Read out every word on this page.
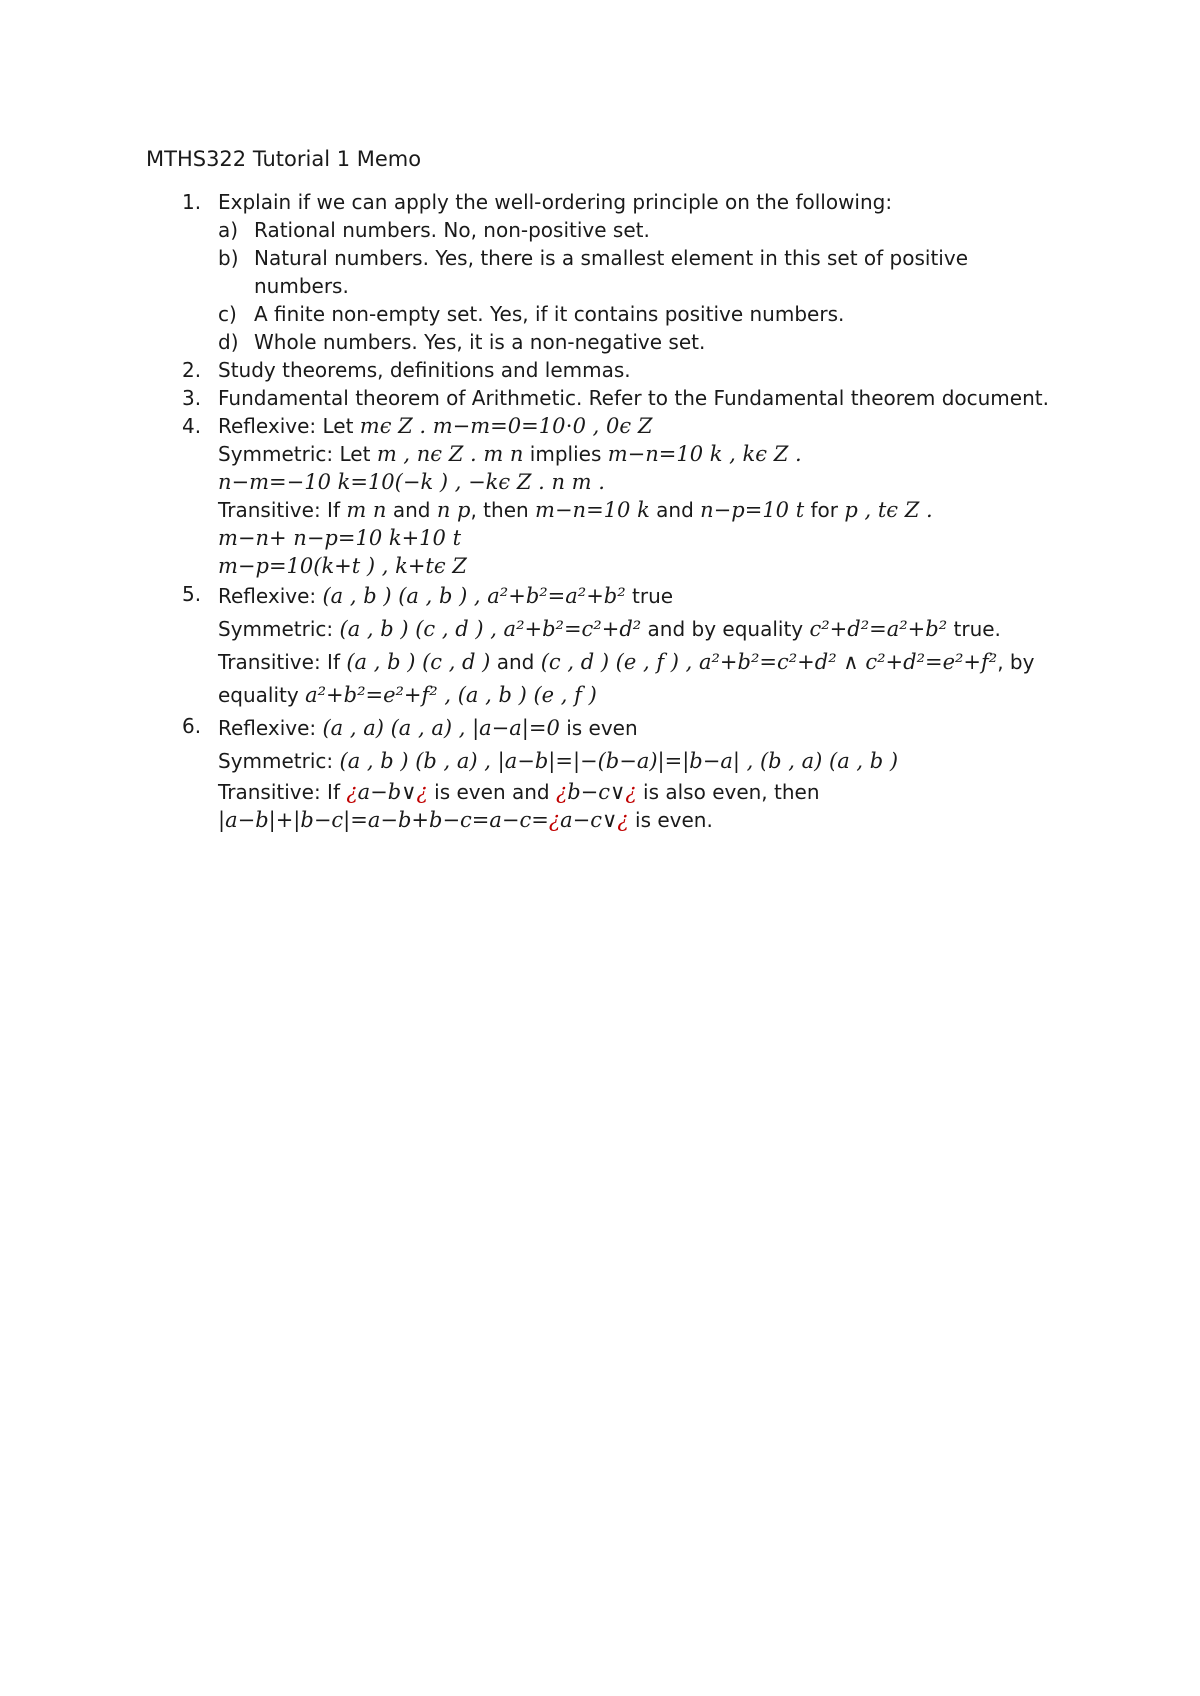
MTHS322 Tutorial 1 Memo
1. Explain if we can apply the well-ordering principle on the following:
a) Rational numbers. No, non-positive set.
b) Natural numbers. Yes, there is a smallest element in this set of positive numbers.
c) A finite non-empty set. Yes, if it contains positive numbers.
d) Whole numbers. Yes, it is a non-negative set.
2. Study theorems, definitions and lemmas.
3. Fundamental theorem of Arithmetic. Refer to the Fundamental theorem document.
4. Reflexive: Let mϵ Z . m−m=0=10⋅0 , 0ϵ Z
Symmetric: Let m , nϵ Z . m n implies m−n=10 k , kϵ Z .
n−m=−10 k=10(−k ) , −kϵ Z . n m .
Transitive: If m n and n p, then m−n=10 k and n−p=10 t for p , tϵ Z .
m−n+ n−p=10 k+10 t
m−p=10(k+t ) , k+tϵ Z
5. Reflexive: (a , b ) (a , b ) , a²+b²=a²+b² true
Symmetric: (a , b ) (c , d ) , a²+b²=c²+d² and by equality c²+d²=a²+b² true.
Transitive: If (a , b ) (c , d ) and (c , d ) (e , f ) , a²+b²=c²+d² ∧ c²+d²=e²+f², by
equality a²+b²=e²+f² , (a , b ) (e , f )
6. Reflexive: (a , a) (a , a) , |a−a|=0 is even
Symmetric: (a , b ) (b , a) , |a−b|=|−(b−a)|=|b−a| , (b , a) (a , b )
Transitive: If ¿a−b∨¿ is even and ¿b−c∨¿ is also even, then
|a−b|+|b−c|=a−b+b−c=a−c=¿a−c∨¿ is even.
